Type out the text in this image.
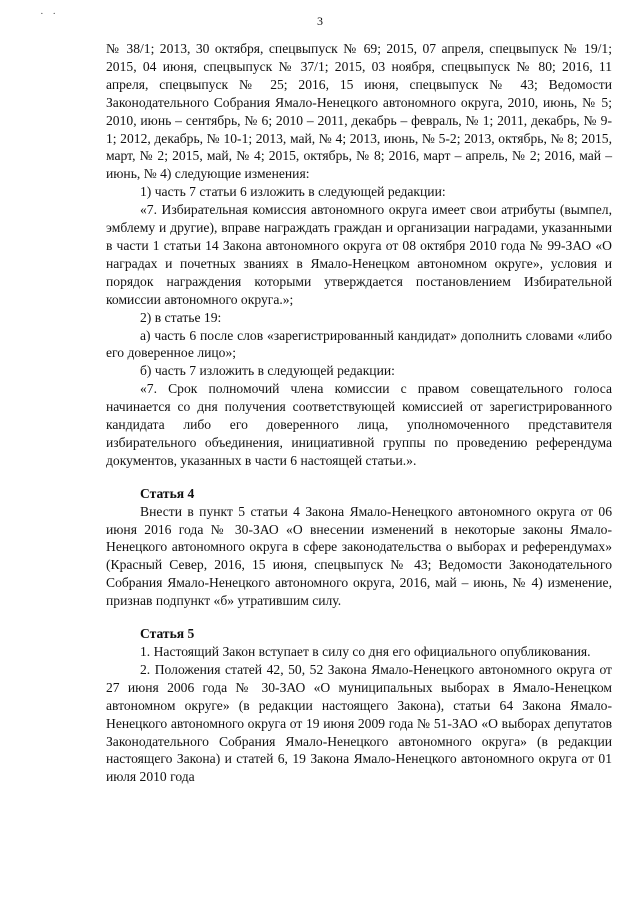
· ·	3

№ 38/1; 2013, 30 октября, спецвыпуск № 69; 2015, 07 апреля, спецвыпуск № 19/1; 2015, 04 июня, спецвыпуск № 37/1; 2015, 03 ноября, спецвыпуск № 80; 2016, 11 апреля, спецвыпуск № 25; 2016, 15 июня, спецвыпуск № 43; Ведомости Законодательного Собрания Ямало-Ненецкого автономного округа, 2010, июнь, № 5; 2010, июнь – сентябрь, № 6; 2010 – 2011, декабрь – февраль, № 1; 2011, декабрь, № 9-1; 2012, декабрь, № 10-1; 2013, май, № 4; 2013, июнь, № 5-2; 2013, октябрь, № 8; 2015, март, № 2; 2015, май, № 4; 2015, октябрь, № 8; 2016, март – апрель, № 2; 2016, май – июнь, № 4) следующие изменения:

1) часть 7 статьи 6 изложить в следующей редакции:

«7. Избирательная комиссия автономного округа имеет свои атрибуты (вымпел, эмблему и другие), вправе награждать граждан и организации наградами, указанными в части 1 статьи 14 Закона автономного округа от 08 октября 2010 года № 99-ЗАО «О наградах и почетных званиях в Ямало-Ненецком автономном округе», условия и порядок награждения которыми утверждается постановлением Избирательной комиссии автономного округа.»;

2) в статье 19:

а) часть 6 после слов «зарегистрированный кандидат» дополнить словами «либо его доверенное лицо»;

б) часть 7 изложить в следующей редакции:

«7. Срок полномочий члена комиссии с правом совещательного голоса начинается со дня получения соответствующей комиссией от зарегистрированного кандидата либо его доверенного лица, уполномоченного представителя избирательного объединения, инициативной группы по проведению референдума документов, указанных в части 6 настоящей статьи.».

Статья 4

Внести в пункт 5 статьи 4 Закона Ямало-Ненецкого автономного округа от 06 июня 2016 года № 30-ЗАО «О внесении изменений в некоторые законы Ямало-Ненецкого автономного округа в сфере законодательства о выборах и референдумах» (Красный Север, 2016, 15 июня, спецвыпуск № 43; Ведомости Законодательного Собрания Ямало-Ненецкого автономного округа, 2016, май – июнь, № 4) изменение, признав подпункт «б» утратившим силу.

Статья 5

1. Настоящий Закон вступает в силу со дня его официального опубликования.

2. Положения статей 42, 50, 52 Закона Ямало-Ненецкого автономного округа от 27 июня 2006 года № 30-ЗАО «О муниципальных выборах в Ямало-Ненецком автономном округе» (в редакции настоящего Закона), статьи 64 Закона Ямало-Ненецкого автономного округа от 19 июня 2009 года № 51-ЗАО «О выборах депутатов Законодательного Собрания Ямало-Ненецкого автономного округа» (в редакции настоящего Закона) и статей 6, 19 Закона Ямало-Ненецкого автономного округа от 01 июля 2010 года
